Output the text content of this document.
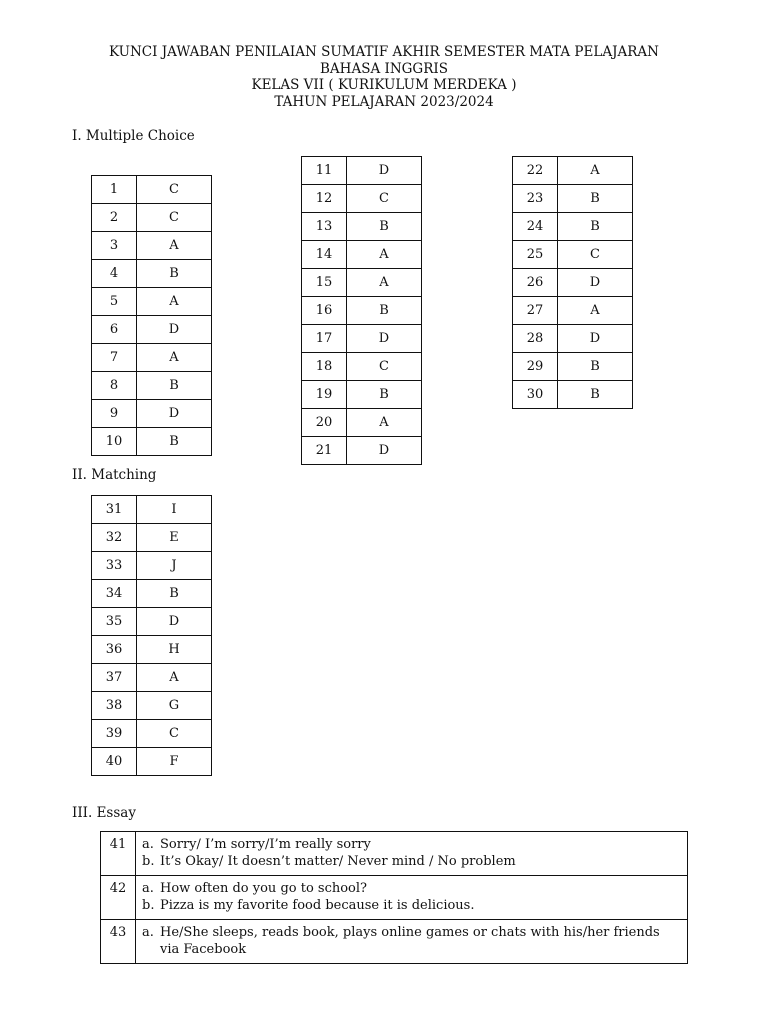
KUNCI JAWABAN PENILAIAN SUMATIF AKHIR SEMESTER MATA PELAJARAN
BAHASA INGGRIS
KELAS VII ( KURIKULUM MERDEKA )
TAHUN PELAJARAN 2023/2024
I. Multiple Choice
II. Matching
III. Essay
1	C
2	C
3	A
4	B
5	A
6	D
7	A
8	B
9	D
10	B
11	D
12	C
13	B
14	A
15	A
16	B
17	D
18	C
19	B
20	A
21	D
22	A
23	B
24	B
25	C
26	D
27	A
28	D
29	B
30	B
31	I
32	E
33	J
34	B
35	D
36	H
37	A
38	G
39	C
40	F
41	a. Sorry/ I’m sorry/I’m really sorry
b. It’s Okay/ It doesn’t matter/ Never mind / No problem

42	a. How often do you go to school?
b. Pizza is my favorite food because it is delicious.

43	a. He/She sleeps, reads book, plays online games or chats with his/her friends via Facebook
